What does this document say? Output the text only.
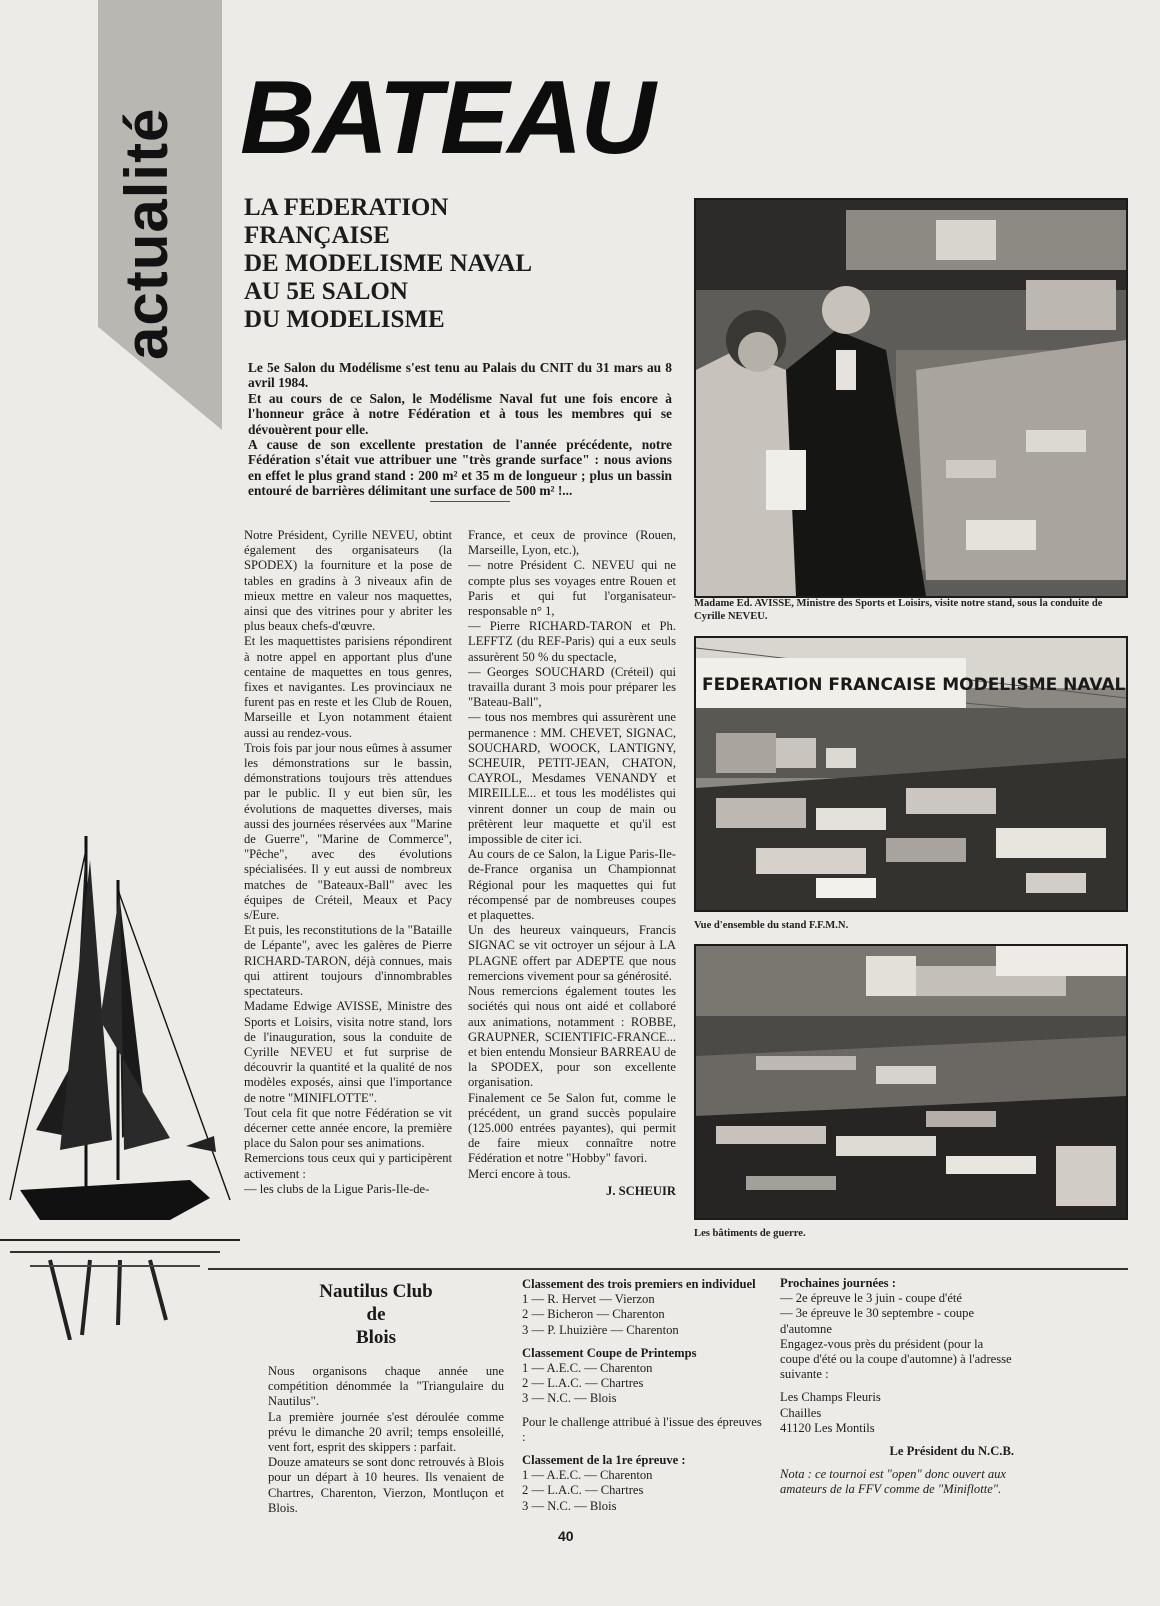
actualité BATEAU
LA FEDERATION
FRANÇAISE
DE MODELISME NAVAL
AU 5E SALON
DU MODELISME

Le 5e Salon du Modélisme s'est tenu au Palais du CNIT du 31 mars au 8 avril 1984.

Et au cours de ce Salon, le Modélisme Naval fut une fois encore à l'honneur grâce à notre Fédération et à tous les membres qui se dévouèrent pour elle.

A cause de son excellente prestation de l'année précédente, notre Fédération s'était vue attribuer une "très grande surface" : nous avions en effet le plus grand stand : 200 m² et 35 m de longueur ; plus un bassin entouré de barrières délimitant une surface de 500 m² !...

Notre Président, Cyrille NEVEU, obtint également des organisateurs (la SPODEX) la fourniture et la pose de tables en gradins à 3 niveaux afin de mieux mettre en valeur nos maquettes, ainsi que des vitrines pour y abriter les plus beaux chefs-d'œuvre.

Et les maquettistes parisiens répondirent à notre appel en apportant plus d'une centaine de maquettes en tous genres, fixes et navigantes. Les provinciaux ne furent pas en reste et les Club de Rouen, Marseille et Lyon notamment étaient aussi au rendez-vous.

Trois fois par jour nous eûmes à assumer les démonstrations sur le bassin, démonstrations toujours très attendues par le public. Il y eut bien sûr, les évolutions de maquettes diverses, mais aussi des journées réservées aux "Marine de Guerre", "Marine de Commerce", "Pêche", avec des évolutions spécialisées. Il y eut aussi de nombreux matches de "Bateaux-Ball" avec les équipes de Créteil, Meaux et Pacy s/Eure.

Et puis, les reconstitutions de la "Bataille de Lépante", avec les galères de Pierre RICHARD-TARON, déjà connues, mais qui attirent toujours d'innombrables spectateurs.

Madame Edwige AVISSE, Ministre des Sports et Loisirs, visita notre stand, lors de l'inauguration, sous la conduite de Cyrille NEVEU et fut surprise de découvrir la quantité et la qualité de nos modèles exposés, ainsi que l'importance de notre "MINIFLOTTE".

Tout cela fit que notre Fédération se vit décerner cette année encore, la première place du Salon pour ses animations.

Remercions tous ceux qui y participèrent activement :

— les clubs de la Ligue Paris-Ile-de-

France, et ceux de province (Rouen, Marseille, Lyon, etc.),

— notre Président C. NEVEU qui ne compte plus ses voyages entre Rouen et Paris et qui fut l'organisateur-responsable n° 1,

— Pierre RICHARD-TARON et Ph. LEFFTZ (du REF-Paris) qui a eux seuls assurèrent 50 % du spectacle,

— Georges SOUCHARD (Créteil) qui travailla durant 3 mois pour préparer les "Bateau-Ball",

— tous nos membres qui assurèrent une permanence : MM. CHEVET, SIGNAC, SOUCHARD, WOOCK, LANTIGNY, SCHEUIR, PETIT-JEAN, CHATON, CAYROL, Mesdames VENANDY et MIREILLE... et tous les modélistes qui vinrent donner un coup de main ou prêtèrent leur maquette et qu'il est impossible de citer ici.

Au cours de ce Salon, la Ligue Paris-Ile-de-France organisa un Championnat Régional pour les maquettes qui fut récompensé par de nombreuses coupes et plaquettes.

Un des heureux vainqueurs, Francis SIGNAC se vit octroyer un séjour à LA PLAGNE offert par ADEPTE que nous remercions vivement pour sa générosité.

Nous remercions également toutes les sociétés qui nous ont aidé et collaboré aux animations, notamment : ROBBE, GRAUPNER, SCIENTIFIC-FRANCE... et bien entendu Monsieur BARREAU de la SPODEX, pour son excellente organisation.

Finalement ce 5e Salon fut, comme le précédent, un grand succès populaire (125.000 entrées payantes), qui permit de faire mieux connaître notre Fédération et notre "Hobby" favori.

Merci encore à tous.

J. SCHEUIR

Madame Ed. AVISSE, Ministre des Sports et Loisirs, visite notre stand, sous la conduite de Cyrille NEVEU.
FEDERATION FRANCAISE MODELISME NAVAL
Vue d'ensemble du stand F.F.M.N.
Les bâtiments de guerre.
Nautilus Club
de
Blois

Nous organisons chaque année une compétition dénommée la "Triangulaire du Nautilus".

La première journée s'est déroulée comme prévu le dimanche 20 avril; temps ensoleillé, vent fort, esprit des skippers : parfait.

Douze amateurs se sont donc retrouvés à Blois pour un départ à 10 heures. Ils venaient de Chartres, Charenton, Vierzon, Montluçon et Blois.

Classement des trois premiers en individuel

1 — R. Hervet — Vierzon

2 — Bicheron — Charenton

3 — P. Lhuizière — Charenton

Classement Coupe de Printemps

1 — A.E.C. — Charenton

2 — L.A.C. — Chartres

3 — N.C. — Blois

Pour le challenge attribué à l'issue des épreuves :

Classement de la 1re épreuve :

1 — A.E.C. — Charenton

2 — L.A.C. — Chartres

3 — N.C. — Blois

Prochaines journées :

— 2e épreuve le 3 juin - coupe d'été

— 3e épreuve le 30 septembre - coupe d'automne

Engagez-vous près du président (pour la coupe d'été ou la coupe d'automne) à l'adresse suivante :

Les Champs Fleuris

Chailles

41120 Les Montils

Le Président du N.C.B.

Nota : ce tournoi est "open" donc ouvert aux amateurs de la FFV comme de "Miniflotte".

40
